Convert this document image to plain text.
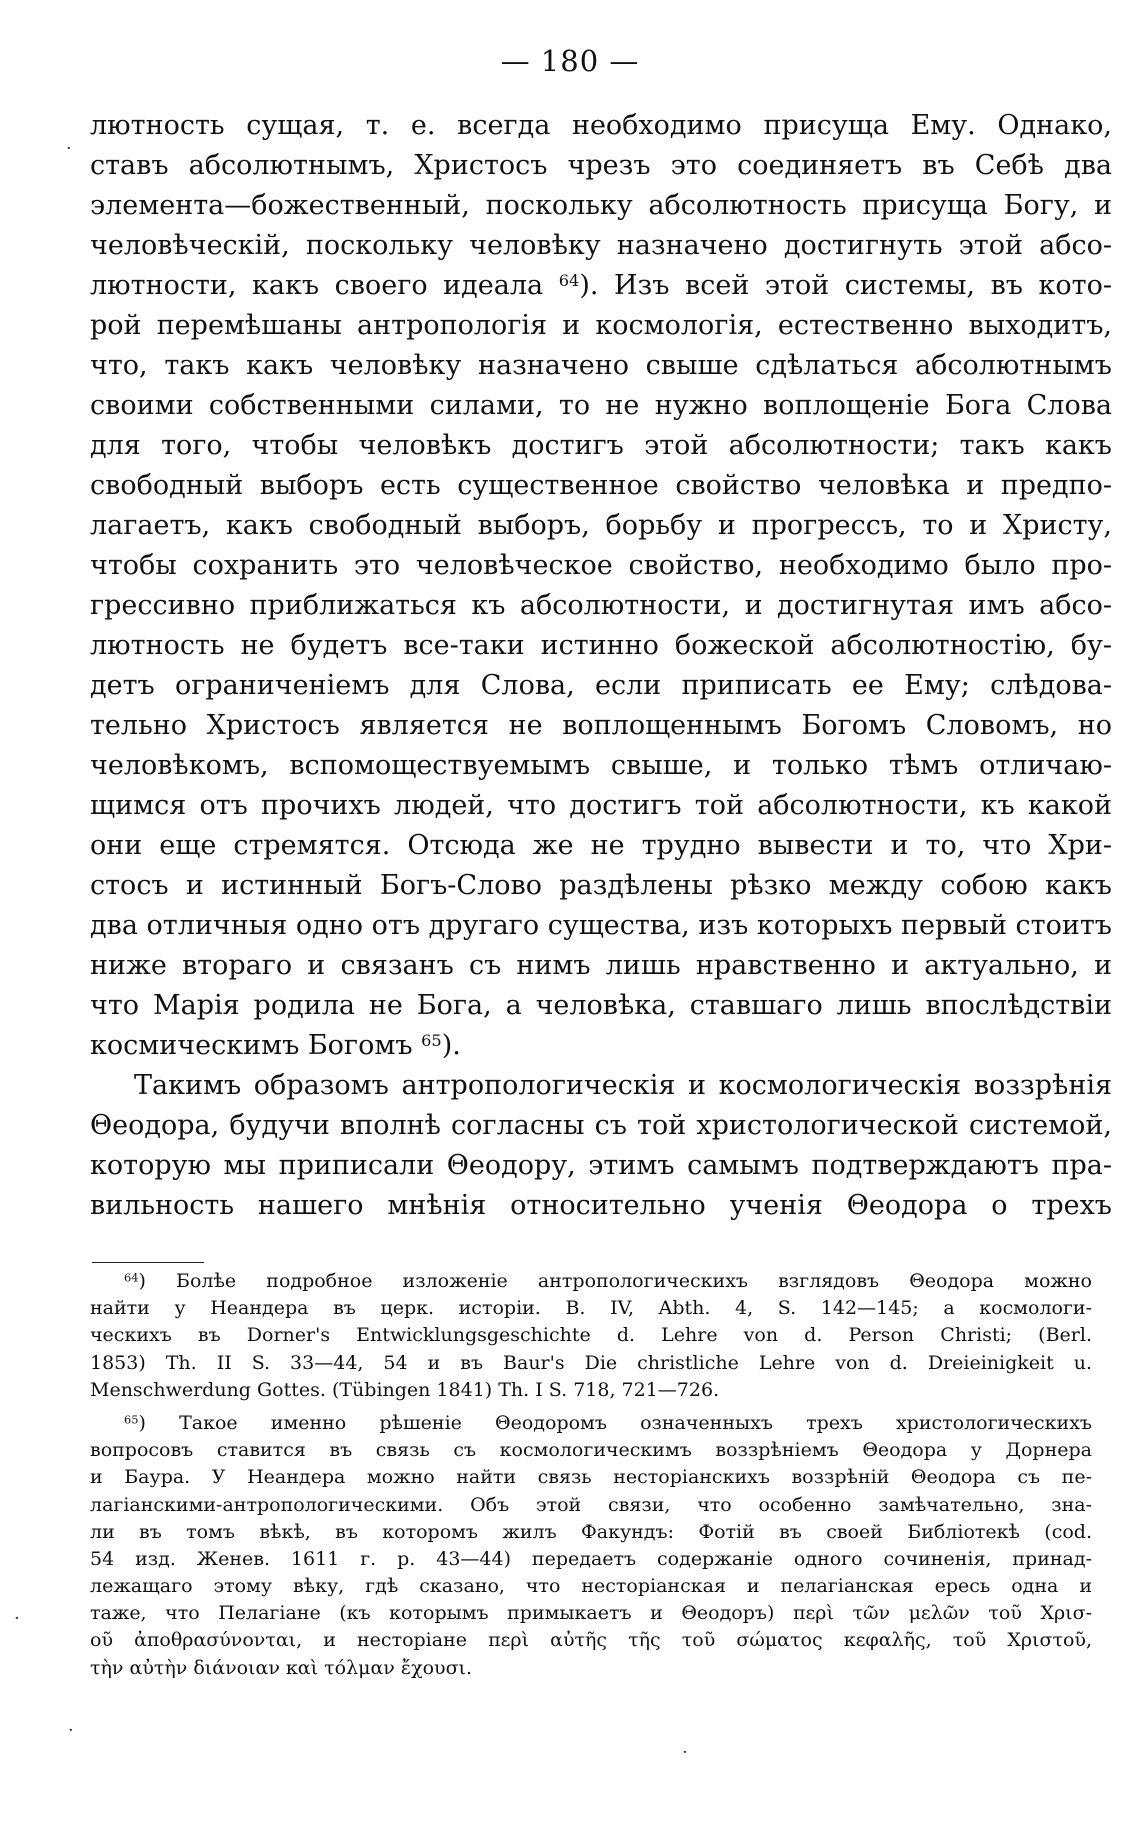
— 180 —
лютность сущая, т. е. всегда необходимо присуща Ему. Однако,
ставъ абсолютнымъ, Христосъ чрезъ это соединяетъ въ Себѣ два
элемента—божественный, поскольку абсолютность присуща Богу, и
человѣческій, поскольку человѣку назначено достигнуть этой абсо-
лютности, какъ своего идеала $^{64}$). Изъ всей этой системы, въ кото-
рой перемѣшаны антропологія и космологія, естественно выходитъ,
что, такъ какъ человѣку назначено свыше сдѣлаться абсолютнымъ
своими собственными силами, то не нужно воплощеніе Бога Слова
для того, чтобы человѣкъ достигъ этой абсолютности; такъ какъ
свободный выборъ есть существенное свойство человѣка и предпо-
лагаетъ, какъ свободный выборъ, борьбу и прогрессъ, то и Христу,
чтобы сохранить это человѣческое свойство, необходимо было про-
грессивно приближаться къ абсолютности, и достигнутая имъ абсо-
лютность не будетъ все-таки истинно божеской абсолютностію, бу-
детъ ограниченіемъ для Слова, если приписать ее Ему; слѣдова-
тельно Христосъ является не воплощеннымъ Богомъ Словомъ, но
человѣкомъ, вспомоществуемымъ свыше, и только тѣмъ отличаю-
щимся отъ прочихъ людей, что достигъ той абсолютности, къ какой
они еще стремятся. Отсюда же не трудно вывести и то, что Хри-
стосъ и истинный Богъ-Слово раздѣлены рѣзко между собою какъ
два отличныя одно отъ другаго существа, изъ которыхъ первый стоитъ
ниже втораго и связанъ съ нимъ лишь нравственно и актуально, и
что Марія родила не Бога, а человѣка, ставшаго лишь впослѣдствіи
космическимъ Богомъ $^{65}$).
Такимъ образомъ антропологическія и космологическія воззрѣнія
Θеодора, будучи вполнѣ согласны съ той христологической системой,
которую мы приписали Θеодору, этимъ самымъ подтверждаютъ пра-
вильность нашего мнѣнія относительно ученія Θеодора о трехъ
$^{64}$) Болѣе подробное изложеніе антропологическихъ взглядовъ Θеодора можно
найти у Неандера въ церк. исторіи. B. IV, Abth. 4, S. 142—145; а космологи-
ческихъ въ Dorner's Entwicklungsgeschichte d. Lehre von d. Person Christi; (Berl.
1853) Th. II S. 33—44, 54 и въ Baur's Die christliche Lehre von d. Dreieinigkeit u.
Menschwerdung Gottes. (Tübingen 1841) Th. I S. 718, 721—726.
$^{65}$) Такое именно рѣшеніе Θеодоромъ означенныхъ трехъ христологическихъ
вопросовъ ставится въ связь съ космологическимъ воззрѣніемъ Θеодора у Дорнера
и Баура. У Неандера можно найти связь несторіанскихъ воззрѣній Θеодора съ пе-
лагіанскими-антропологическими. Объ этой связи, что особенно замѣчательно, зна-
ли въ томъ вѣкѣ, въ которомъ жилъ Факундъ: Фотій въ своей Библіотекѣ (cod.
54 изд. Женев. 1611 г. р. 43—44) передаетъ содержаніе одного сочиненія, принад-
лежащаго этому вѣку, гдѣ сказано, что несторіанская и пелагіанская ересь одна и
таже, что Пелагіане (къ которымъ примыкаетъ и Θеодоръ) περὶ τῶν μελῶν τοῦ Χρισ-
οῦ ἀποθρασύνονται, и несторіане περὶ αὐτῆς τῆς τοῦ σώματος κεφαλῆς, τοῦ Χριστοῦ,
τὴν αὐτὴν διάνοιαν καὶ τόλμαν ἔχουσι.
·
·
·
·
